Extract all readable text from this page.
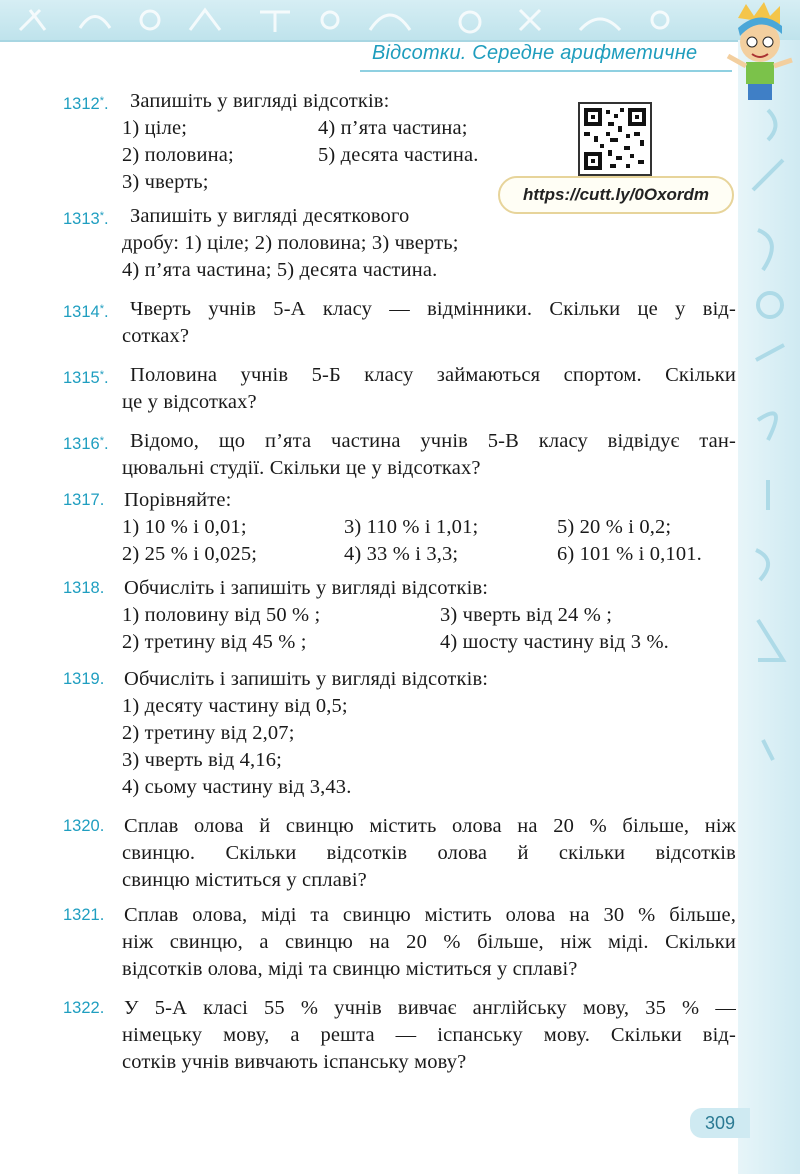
Відсотки. Середне арифметичне
https://cutt.ly/0Oxordm
1312*. Запишіть у вигляді відсотків:
1) ціле;	4) п’ята частина;
2) половина;	5) десята частина.
3) чверть;
1313*. Запишіть у вигляді десяткового
дробу: 1) ціле; 2) половина; 3) чверть;
4) п’ята частина; 5) десята частина.
1314*. Чверть учнів 5-А класу — відмінники. Скільки це у від-
сотках?
1315*. Половина учнів 5-Б класу займаються спортом. Скільки
це у відсотках?
1316*. Відомо, що п’ята частина учнів 5-В класу відвідує тан-
цювальні студії. Скільки це у відсотках?
1317. Порівняйте:
1) 10 % і 0,01;	3) 110 % і 1,01;	5) 20 % і 0,2;
2) 25 % і 0,025;	4) 33 % і 3,3;	6) 101 % і 0,101.
1318. Обчисліть і запишіть у вигляді відсотків:
1) половину від 50 % ;	3) чверть від 24 % ;
2) третину від 45 % ;	4) шосту частину від 3 %.
1319. Обчисліть і запишіть у вигляді відсотків:
1) десяту частину від 0,5;
2) третину від 2,07;
3) чверть від 4,16;
4) сьому частину від 3,43.
1320. Сплав олова й свинцю містить олова на 20 % більше, ніж
свинцю. Скільки відсотків олова й скільки відсотків
свинцю міститься у сплаві?
1321. Сплав олова, міді та свинцю містить олова на 30 % більше,
ніж свинцю, а свинцю на 20 % більше, ніж міді. Скільки
відсотків олова, міді та свинцю міститься у сплаві?
1322. У 5-А класі 55 % учнів вивчає англійську мову, 35 % —
німецьку мову, а решта — іспанську мову. Скільки від-
сотків учнів вивчають іспанську мову?
309
